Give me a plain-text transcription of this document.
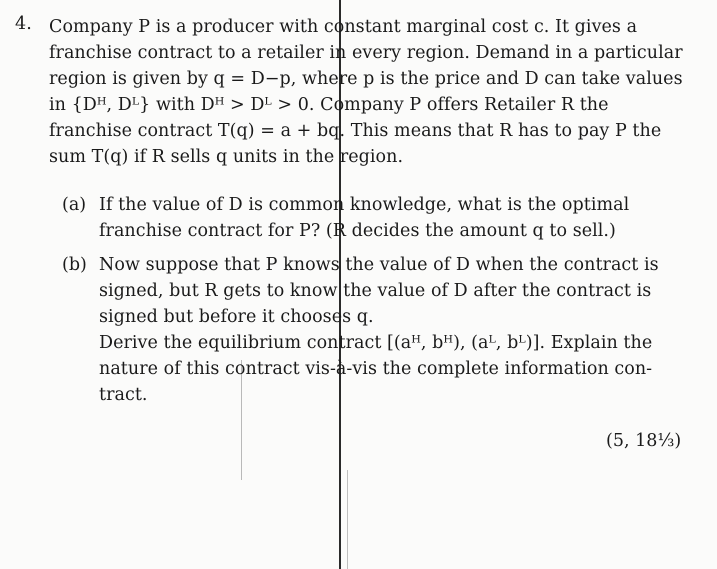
4. Company P is a producer with constant marginal cost c. It gives a
franchise contract to a retailer in every region. Demand in a particular
region is given by q = D−p, where p is the price and D can take values
in {Dᴴ, Dᴸ} with Dᴴ > Dᴸ > 0. Company P offers Retailer R the
franchise contract T(q) = a + bq. This means that R has to pay P the
sum T(q) if R sells q units in the region.
(a) If the value of D is common knowledge, what is the optimal
franchise contract for P? (R decides the amount q to sell.)
(b) Now suppose that P knows the value of D when the contract is
signed, but R gets to know the value of D after the contract is
signed but before it chooses q.
Derive the equilibrium contract [(aᴴ, bᴴ), (aᴸ, bᴸ)]. Explain the
nature of this contract vis-à-vis the complete information con-
tract.
(5, 18⅓)
